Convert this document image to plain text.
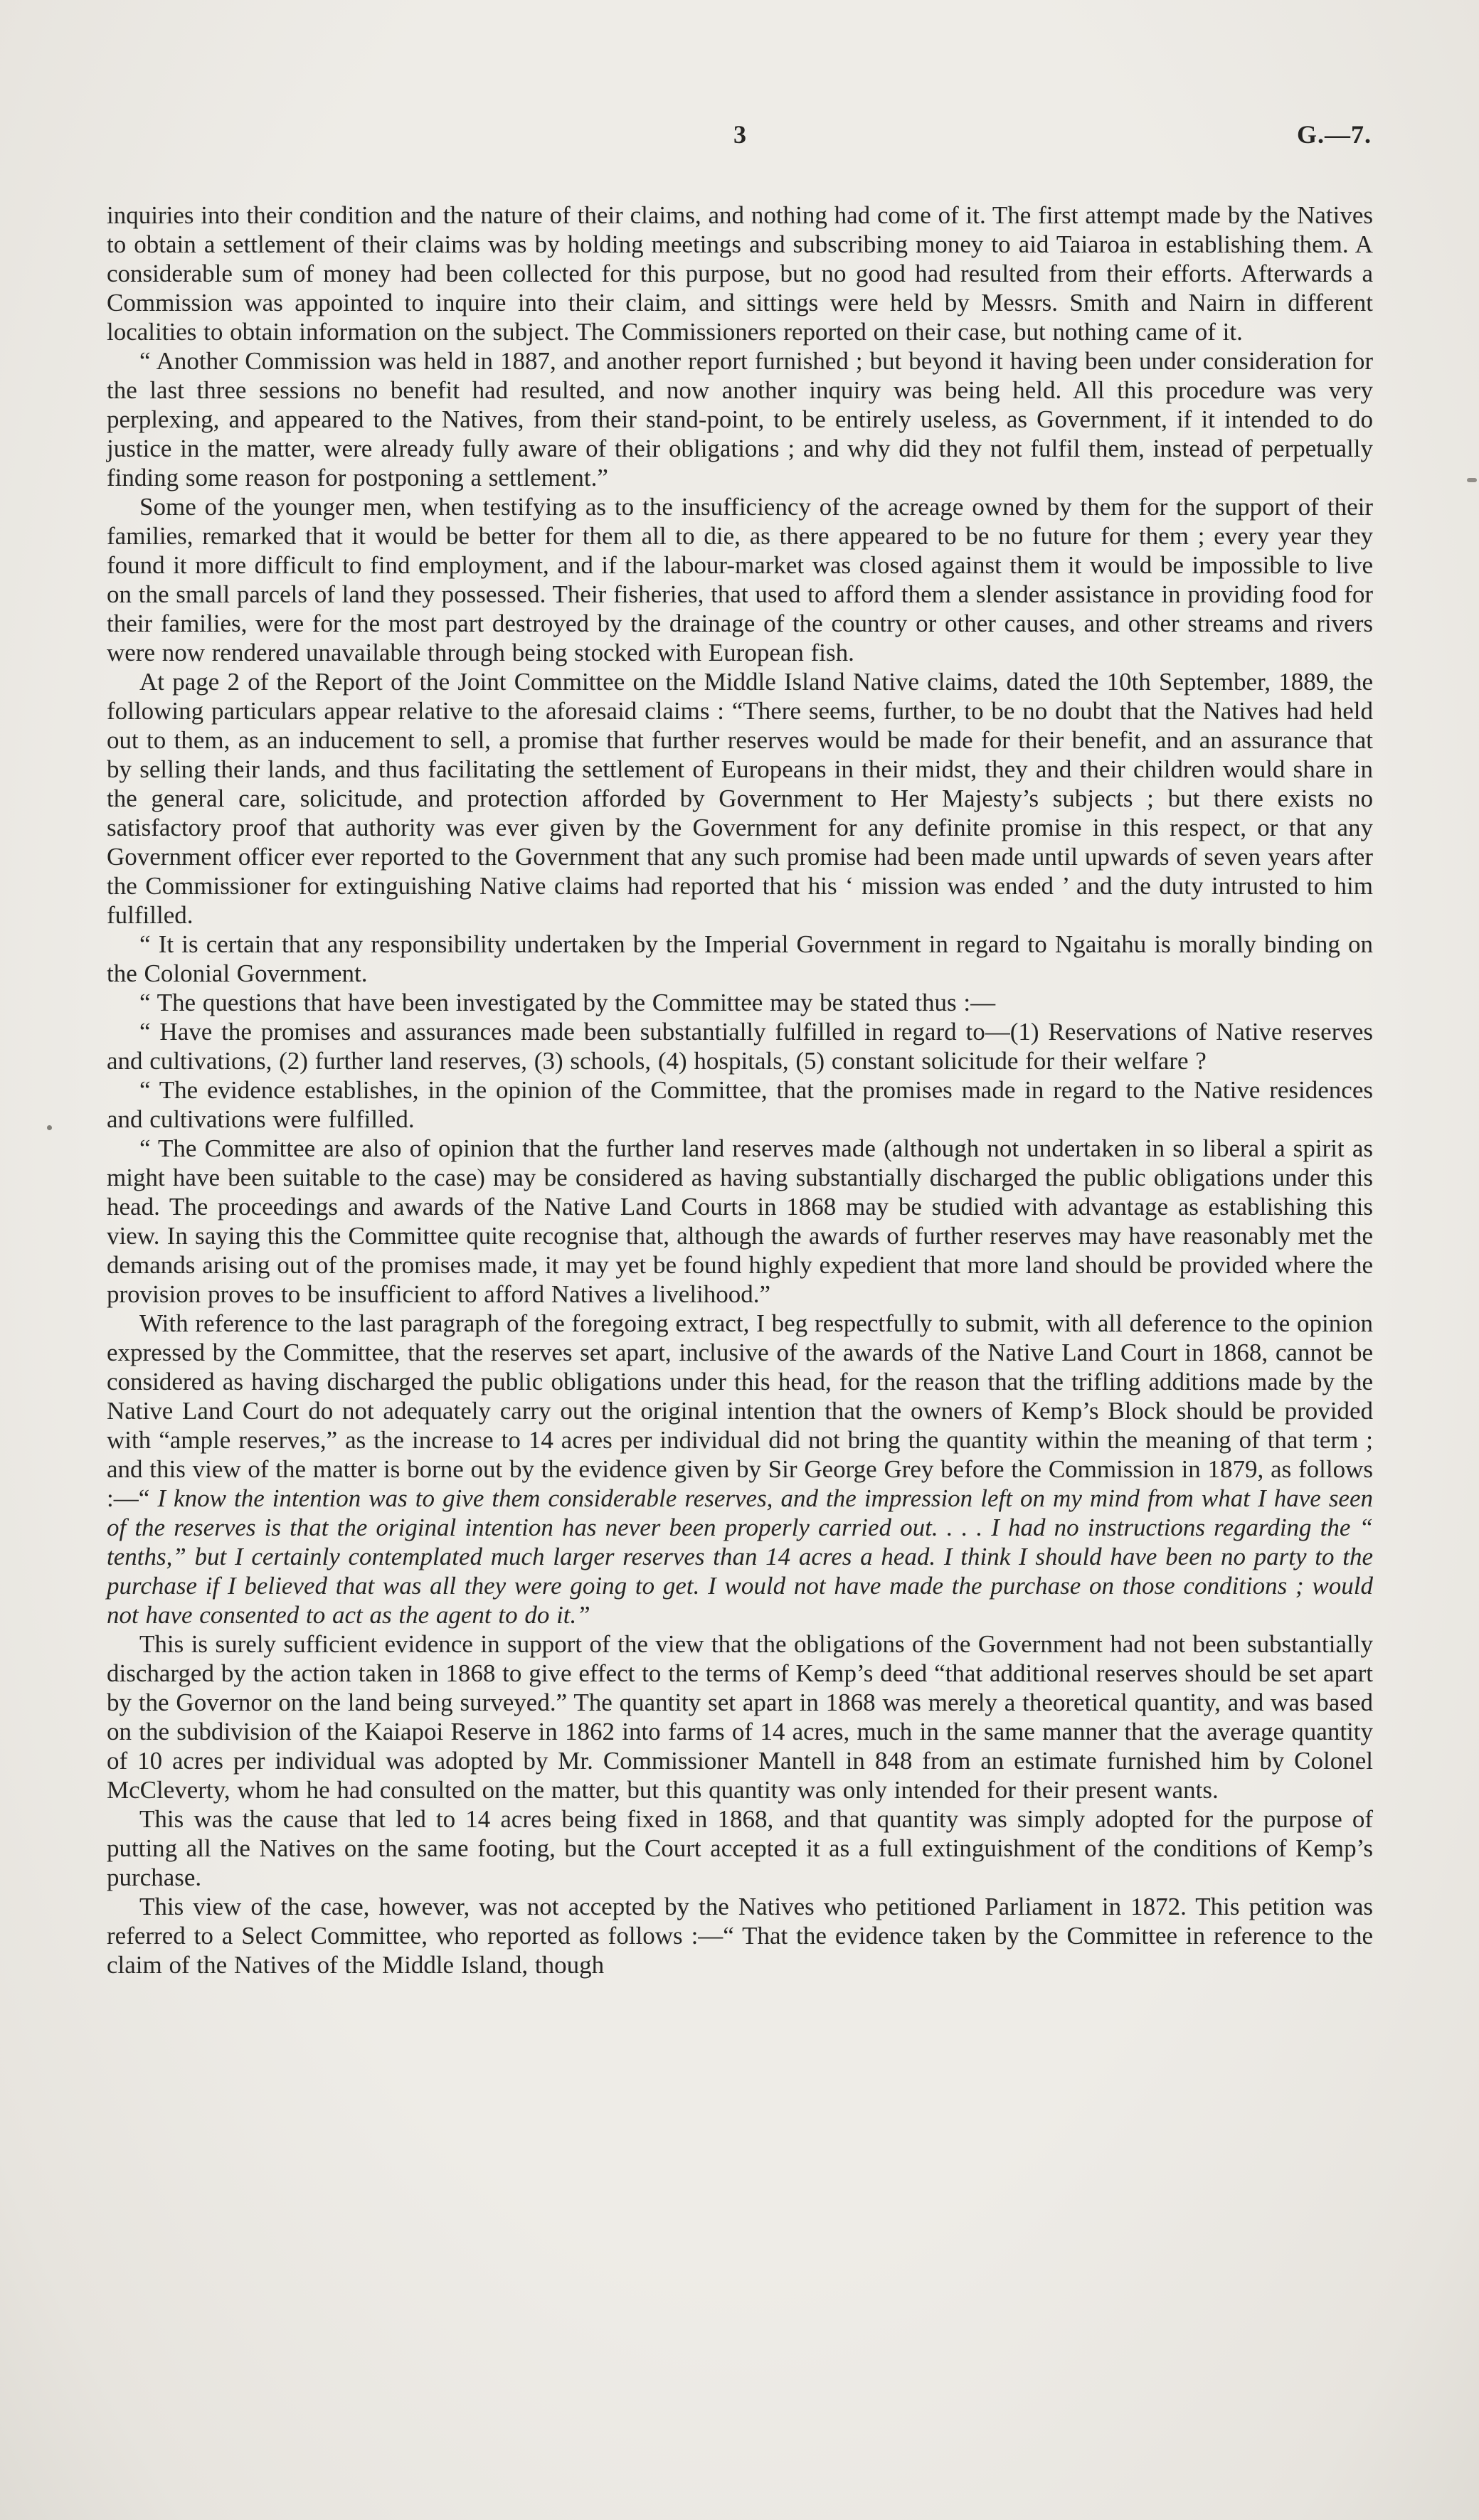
3	G.—7.

inquiries into their condition and the nature of their claims, and nothing had come of it. The first attempt made by the Natives to obtain a settlement of their claims was by holding meetings and subscribing money to aid Taiaroa in establishing them. A considerable sum of money had been collected for this purpose, but no good had resulted from their efforts. Afterwards a Commission was appointed to inquire into their claim, and sittings were held by Messrs. Smith and Nairn in different localities to obtain information on the subject. The Commissioners reported on their case, but nothing came of it.

“ Another Commission was held in 1887, and another report furnished ; but beyond it having been under consideration for the last three sessions no benefit had resulted, and now another inquiry was being held. All this procedure was very perplexing, and appeared to the Natives, from their stand-point, to be entirely useless, as Government, if it intended to do justice in the matter, were already fully aware of their obligations ; and why did they not fulfil them, instead of perpetually finding some reason for postponing a settlement.”

Some of the younger men, when testifying as to the insufficiency of the acreage owned by them for the support of their families, remarked that it would be better for them all to die, as there appeared to be no future for them ; every year they found it more difficult to find employment, and if the labour-market was closed against them it would be impossible to live on the small parcels of land they possessed. Their fisheries, that used to afford them a slender assistance in providing food for their families, were for the most part destroyed by the drainage of the country or other causes, and other streams and rivers were now rendered unavailable through being stocked with European fish.

At page 2 of the Report of the Joint Committee on the Middle Island Native claims, dated the 10th September, 1889, the following particulars appear relative to the aforesaid claims : “There seems, further, to be no doubt that the Natives had held out to them, as an inducement to sell, a promise that further reserves would be made for their benefit, and an assurance that by selling their lands, and thus facilitating the settlement of Europeans in their midst, they and their children would share in the general care, solicitude, and protection afforded by Government to Her Majesty’s subjects ; but there exists no satisfactory proof that authority was ever given by the Government for any definite promise in this respect, or that any Government officer ever reported to the Government that any such promise had been made until upwards of seven years after the Commissioner for extinguishing Native claims had reported that his ‘ mission was ended ’ and the duty intrusted to him fulfilled.

“ It is certain that any responsibility undertaken by the Imperial Government in regard to Ngaitahu is morally binding on the Colonial Government.

“ The questions that have been investigated by the Committee may be stated thus :—

“ Have the promises and assurances made been substantially fulfilled in regard to—(1) Reservations of Native reserves and cultivations, (2) further land reserves, (3) schools, (4) hospitals, (5) constant solicitude for their welfare ?

“ The evidence establishes, in the opinion of the Committee, that the promises made in regard to the Native residences and cultivations were fulfilled.

“ The Committee are also of opinion that the further land reserves made (although not undertaken in so liberal a spirit as might have been suitable to the case) may be considered as having substantially discharged the public obligations under this head. The proceedings and awards of the Native Land Courts in 1868 may be studied with advantage as establishing this view. In saying this the Committee quite recognise that, although the awards of further reserves may have reasonably met the demands arising out of the promises made, it may yet be found highly expedient that more land should be provided where the provision proves to be insufficient to afford Natives a livelihood.”

With reference to the last paragraph of the foregoing extract, I beg respectfully to submit, with all deference to the opinion expressed by the Committee, that the reserves set apart, inclusive of the awards of the Native Land Court in 1868, cannot be considered as having discharged the public obligations under this head, for the reason that the trifling additions made by the Native Land Court do not adequately carry out the original intention that the owners of Kemp’s Block should be provided with “ample reserves,” as the increase to 14 acres per individual did not bring the quantity within the meaning of that term ; and this view of the matter is borne out by the evidence given by Sir George Grey before the Commission in 1879, as follows :—“ I know the intention was to give them considerable reserves, and the impression left on my mind from what I have seen of the reserves is that the original intention has never been properly carried out. . . . I had no instructions regarding the “ tenths,” but I certainly contemplated much larger reserves than 14 acres a head. I think I should have been no party to the purchase if I believed that was all they were going to get. I would not have made the purchase on those conditions ; would not have consented to act as the agent to do it.”

This is surely sufficient evidence in support of the view that the obligations of the Government had not been substantially discharged by the action taken in 1868 to give effect to the terms of Kemp’s deed “that additional reserves should be set apart by the Governor on the land being surveyed.” The quantity set apart in 1868 was merely a theoretical quantity, and was based on the subdivision of the Kaiapoi Reserve in 1862 into farms of 14 acres, much in the same manner that the average quantity of 10 acres per individual was adopted by Mr. Commissioner Mantell in 848 from an estimate furnished him by Colonel McCleverty, whom he had consulted on the matter, but this quantity was only intended for their present wants.

This was the cause that led to 14 acres being fixed in 1868, and that quantity was simply adopted for the purpose of putting all the Natives on the same footing, but the Court accepted it as a full extinguishment of the conditions of Kemp’s purchase.

This view of the case, however, was not accepted by the Natives who petitioned Parliament in 1872. This petition was referred to a Select Committee, who reported as follows :—“ That the evidence taken by the Committee in reference to the claim of the Natives of the Middle Island, though
